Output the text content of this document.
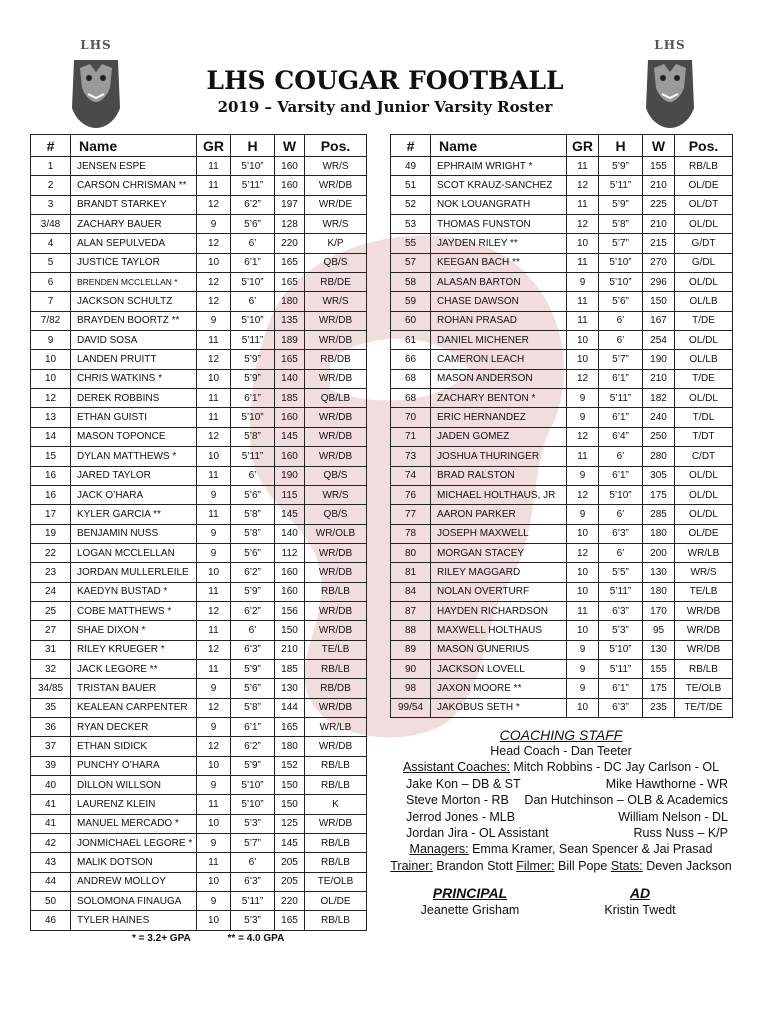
LHS	LHS
LHS COUGAR FOOTBALL
2019 – Varsity and Junior Varsity Roster
#	Name	GR	H	W	Pos.
1	JENSEN ESPE	11	5’10”	160	WR/S
2	CARSON CHRISMAN **	11	5’11”	160	WR/DB
3	BRANDT STARKEY	12	6’2”	197	WR/DE
3/48	ZACHARY BAUER	9	5’6”	128	WR/S
4	ALAN SEPULVEDA	12	6’	220	K/P
5	JUSTICE TAYLOR	10	6’1”	165	QB/S
6	BRENDEN MCCLELLAN *	12	5’10”	165	RB/DE
7	JACKSON SCHULTZ	12	6’	180	WR/S
7/82	BRAYDEN BOORTZ **	9	5’10”	135	WR/DB
9	DAVID SOSA	11	5’11”	189	WR/DB
10	LANDEN PRUITT	12	5’9”	165	RB/DB
10	CHRIS WATKINS *	10	5’9”	140	WR/DB
12	DEREK ROBBINS	11	6’1”	185	QB/LB
13	ETHAN GUISTI	11	5’10”	160	WR/DB
14	MASON TOPONCE	12	5’8”	145	WR/DB
15	DYLAN MATTHEWS *	10	5’11”	160	WR/DB
16	JARED TAYLOR	11	6’	190	QB/S
16	JACK O’HARA	9	5’6”	115	WR/S
17	KYLER GARCIA **	11	5’8”	145	QB/S
19	BENJAMIN NUSS	9	5’8”	140	WR/OLB
22	LOGAN MCCLELLAN	9	5’6”	112	WR/DB
23	JORDAN MULLERLEILE	10	6’2”	160	WR/DB
24	KAEDYN BUSTAD *	11	5’9”	160	RB/LB
25	COBE MATTHEWS *	12	6’2”	156	WR/DB
27	SHAE DIXON *	11	6’	150	WR/DB
31	RILEY KRUEGER *	12	6’3”	210	TE/LB
32	JACK LEGORE **	11	5’9”	185	RB/LB
34/85	TRISTAN BAUER	9	5’6”	130	RB/DB
35	KEALEAN CARPENTER	12	5’8”	144	WR/DB
36	RYAN DECKER	9	6’1”	165	WR/LB
37	ETHAN SIDICK	12	6’2”	180	WR/DB
39	PUNCHY O’HARA	10	5’9”	152	RB/LB
40	DILLON WILLSON	9	5’10”	150	RB/LB
41	LAURENZ KLEIN	11	5’10”	150	K
41	MANUEL MERCADO *	10	5’3”	125	WR/DB
42	JONMICHAEL LEGORE *	9	5’7”	145	RB/LB
43	MALIK DOTSON	11	6’	205	RB/LB
44	ANDREW MOLLOY	10	6’3”	205	TE/OLB
50	SOLOMONA FINAUGA	9	5’11”	220	OL/DE
46	TYLER HAINES	10	5’3”	165	RB/LB
#	Name	GR	H	W	Pos.
49	EPHRAIM WRIGHT *	11	5’9”	155	RB/LB
51	SCOT KRAUZ-SANCHEZ	12	5’11”	210	OL/DE
52	NOK LOUANGRATH	11	5’9”	225	OL/DT
53	THOMAS FUNSTON	12	5’8”	210	OL/DL
55	JAYDEN RILEY **	10	5’7”	215	G/DT
57	KEEGAN BACH **	11	5’10”	270	G/DL
58	ALASAN BARTON	9	5’10”	296	OL/DL
59	CHASE DAWSON	11	5’6”	150	OL/LB
60	ROHAN PRASAD	11	6’	167	T/DE
61	DANIEL MICHENER	10	6’	254	OL/DL
66	CAMERON LEACH	10	5’7”	190	OL/LB
68	MASON ANDERSON	12	6’1”	210	T/DE
68	ZACHARY BENTON *	9	5’11”	182	OL/DL
70	ERIC HERNANDEZ	9	6’1”	240	T/DL
71	JADEN GOMEZ	12	6’4”	250	T/DT
73	JOSHUA THURINGER	11	6’	280	C/DT
74	BRAD RALSTON	9	6’1”	305	OL/DL
76	MICHAEL HOLTHAUS, JR	12	5’10”	175	OL/DL
77	AARON PARKER	9	6’	285	OL/DL
78	JOSEPH MAXWELL	10	6’3”	180	OL/DE
80	MORGAN STACEY	12	6’	200	WR/LB
81	RILEY MAGGARD	10	5’5”	130	WR/S
84	NOLAN OVERTURF	10	5’11”	180	TE/LB
87	HAYDEN RICHARDSON	11	6’3”	170	WR/DB
88	MAXWELL HOLTHAUS	10	5’3”	95	WR/DB
89	MASON GUNERIUS	9	5’10”	130	WR/DB
90	JACKSON LOVELL	9	5’11”	155	RB/LB
98	JAXON MOORE **	9	6’1”	175	TE/OLB
99/54	JAKOBUS SETH *	10	6’3”	235	TE/T/DE
* = 3.2+ GPA	** = 4.0 GPA
COACHING STAFF
Head Coach - Dan Teeter
Assistant Coaches: Mitch Robbins - DC Jay Carlson - OL
Jake Kon – DB & ST	Mike Hawthorne - WR
Steve Morton - RB Dan Hutchinson – OLB & Academics
Jerrod Jones - MLB	William Nelson - DL
Jordan Jira - OL Assistant	Russ Nuss – K/P
Managers: Emma Kramer, Sean Spencer & Jai Prasad
Trainer: Brandon Stott Filmer: Bill Pope Stats: Deven Jackson
PRINCIPAL
Jeanette Grisham
AD
Kristin Twedt
